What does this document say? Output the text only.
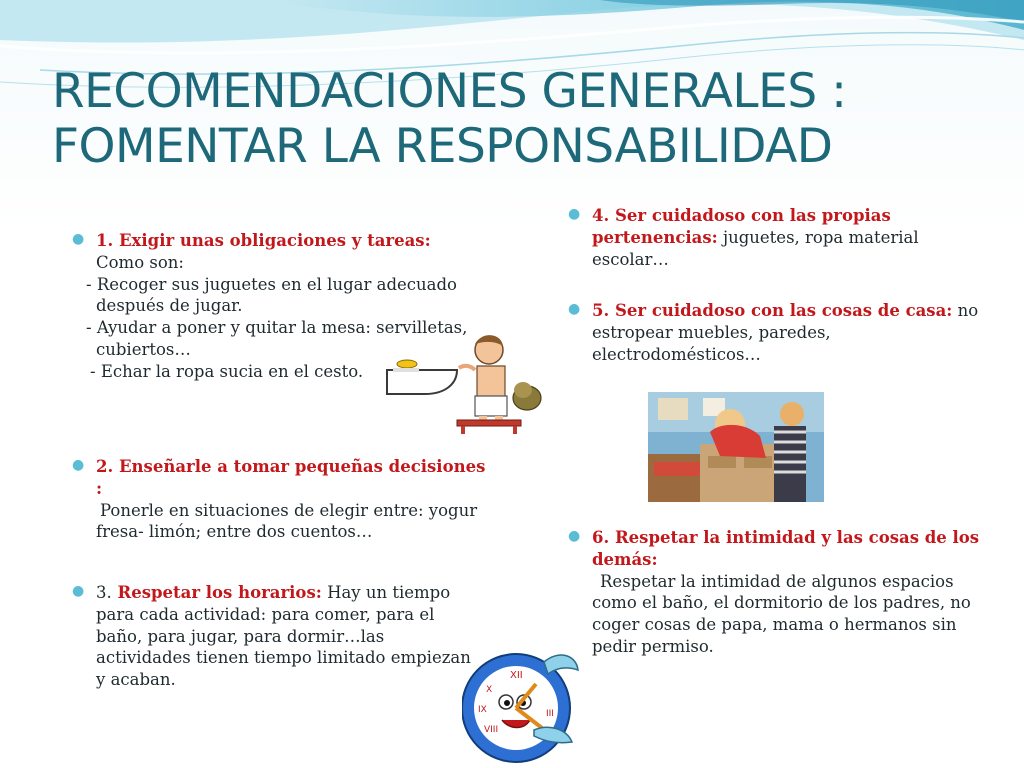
RECOMENDACIONES GENERALES :
FOMENTAR LA RESPONSABILIDAD
● 1. Exigir unas obligaciones y tareas:
Como son:
- Recoger sus juguetes en el lugar adecuado
después de jugar.
- Ayudar a poner y quitar la mesa: servilletas,
cubiertos…
- Echar la ropa sucia en el cesto.
● 2. Enseñarle a tomar pequeñas decisiones :
Ponerle en situaciones de elegir entre: yogur fresa- limón; entre dos cuentos…
● 3. Respetar los horarios: Hay un tiempo para cada actividad: para comer, para el baño, para jugar, para dormir…las actividades tienen tiempo limitado empiezan y acaban.
● 4. Ser cuidadoso con las propias pertenencias: juguetes, ropa material escolar…
● 5. Ser cuidadoso con las cosas de casa: no estropear muebles, paredes, electrodomésticos…
● 6. Respetar la intimidad y las cosas de los demás:
Respetar la intimidad de algunos espacios como el baño, el dormitorio de los padres, no coger cosas de papa, mama o hermanos sin pedir permiso.
XII
X
IX
VIII
III
